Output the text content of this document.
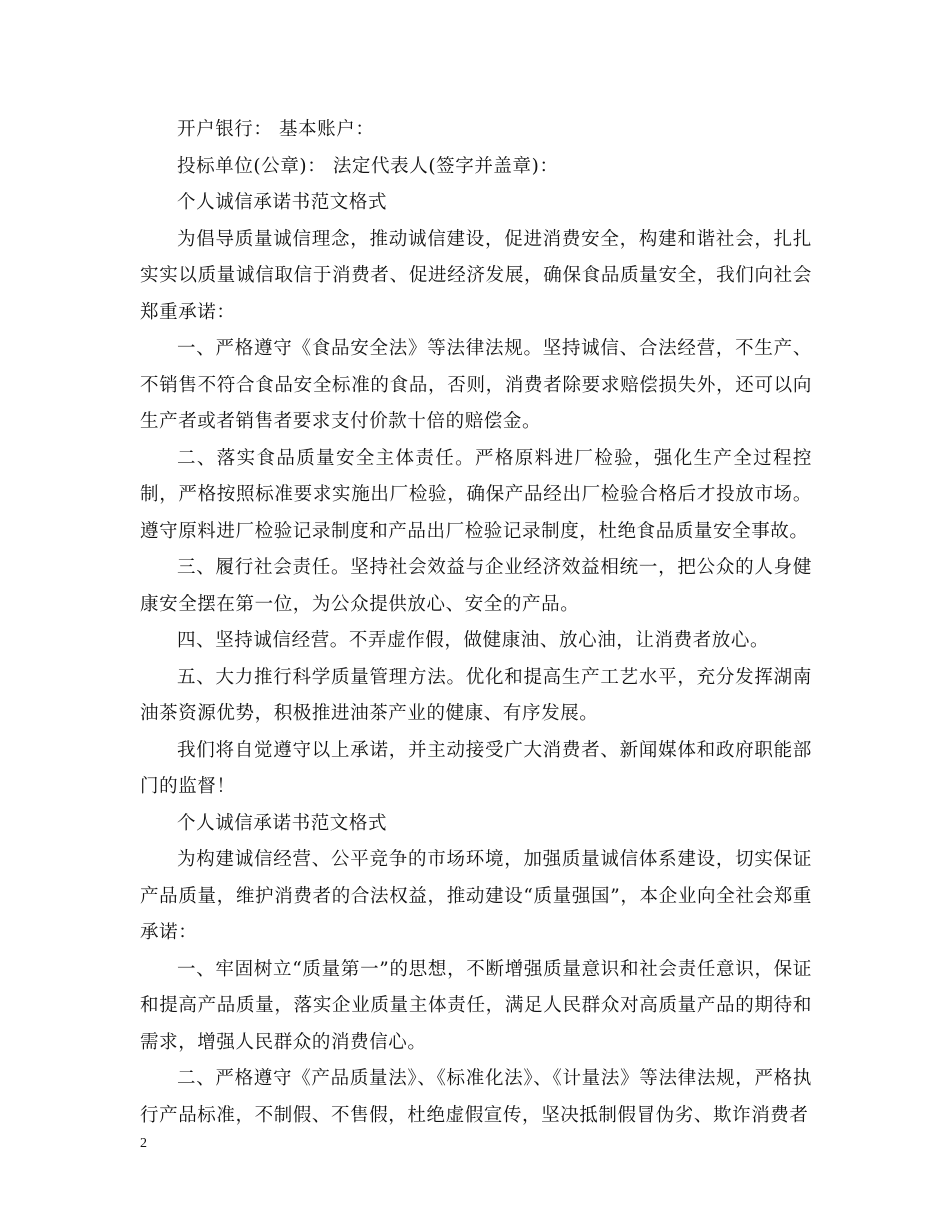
开户银行： 基本账户：

投标单位(公章)： 法定代表人(签字并盖章)：

个人诚信承诺书范文格式

为倡导质量诚信理念，推动诚信建设，促进消费安全，构建和谐社会，扎扎实实以质量诚信取信于消费者、促进经济发展，确保食品质量安全，我们向社会郑重承诺：

一、严格遵守《食品安全法》等法律法规。坚持诚信、合法经营，不生产、不销售不符合食品安全标准的食品，否则，消费者除要求赔偿损失外，还可以向生产者或者销售者要求支付价款十倍的赔偿金。

二、落实食品质量安全主体责任。严格原料进厂检验，强化生产全过程控制，严格按照标准要求实施出厂检验，确保产品经出厂检验合格后才投放市场。遵守原料进厂检验记录制度和产品出厂检验记录制度，杜绝食品质量安全事故。

三、履行社会责任。坚持社会效益与企业经济效益相统一，把公众的人身健康安全摆在第一位，为公众提供放心、安全的产品。

四、坚持诚信经营。不弄虚作假，做健康油、放心油，让消费者放心。

五、大力推行科学质量管理方法。优化和提高生产工艺水平，充分发挥湖南油茶资源优势，积极推进油茶产业的健康、有序发展。

我们将自觉遵守以上承诺，并主动接受广大消费者、新闻媒体和政府职能部门的监督！

个人诚信承诺书范文格式

为构建诚信经营、公平竞争的市场环境，加强质量诚信体系建设，切实保证产品质量，维护消费者的合法权益，推动建设“质量强国”，本企业向全社会郑重承诺：

一、牢固树立“质量第一”的思想，不断增强质量意识和社会责任意识，保证和提高产品质量，落实企业质量主体责任，满足人民群众对高质量产品的期待和需求，增强人民群众的消费信心。

二、严格遵守《产品质量法》、《标准化法》、《计量法》等法律法规，严格执行产品标准，不制假、不售假，杜绝虚假宣传，坚决抵制假冒伪劣、欺诈消费者

2
